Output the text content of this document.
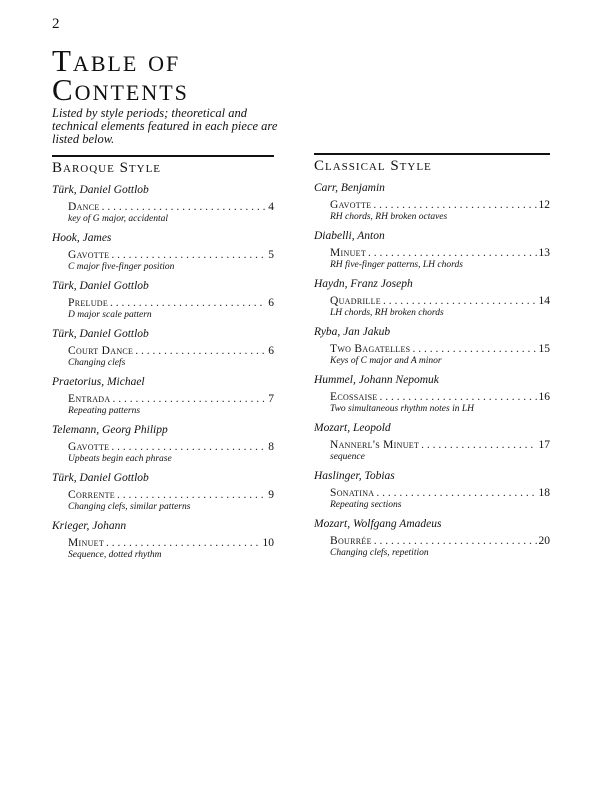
2
Table of
Contents
Listed by style periods; theoretical and technical elements featured in each piece are listed below.
Baroque Style
Türk, Daniel Gottlob
Dance . . .	4
key of G major, accidental
Hook, James
Gavotte . . .	5
C major five-finger position
Türk, Daniel Gottlob
Prelude . . .	6
D major scale pattern
Türk, Daniel Gottlob
Court Dance . . .	6
Changing clefs
Praetorius, Michael
Entrada . . .	7
Repeating patterns
Telemann, Georg Philipp
Gavotte . . .	8
Upbeats begin each phrase
Türk, Daniel Gottlob
Corrente . . .	9
Changing clefs, similar patterns
Krieger, Johann
Minuet . . .	10
Sequence, dotted rhythm
Classical Style
Carr, Benjamin
Gavotte . . .	12
RH chords, RH broken octaves
Diabelli, Anton
Minuet . . .	13
RH five-finger patterns, LH chords
Haydn, Franz Joseph
Quadrille . . .	14
LH chords, RH broken chords
Ryba, Jan Jakub
Two Bagatelles . . .	15
Keys of C major and A minor
Hummel, Johann Nepomuk
Ecossaise . . .	16
Two simultaneous rhythm notes in LH
Mozart, Leopold
Nannerl's Minuet . . .	17
sequence
Haslinger, Tobias
Sonatina . . .	18
Repeating sections
Mozart, Wolfgang Amadeus
Bourrée . . .	20
Changing clefs, repetition
